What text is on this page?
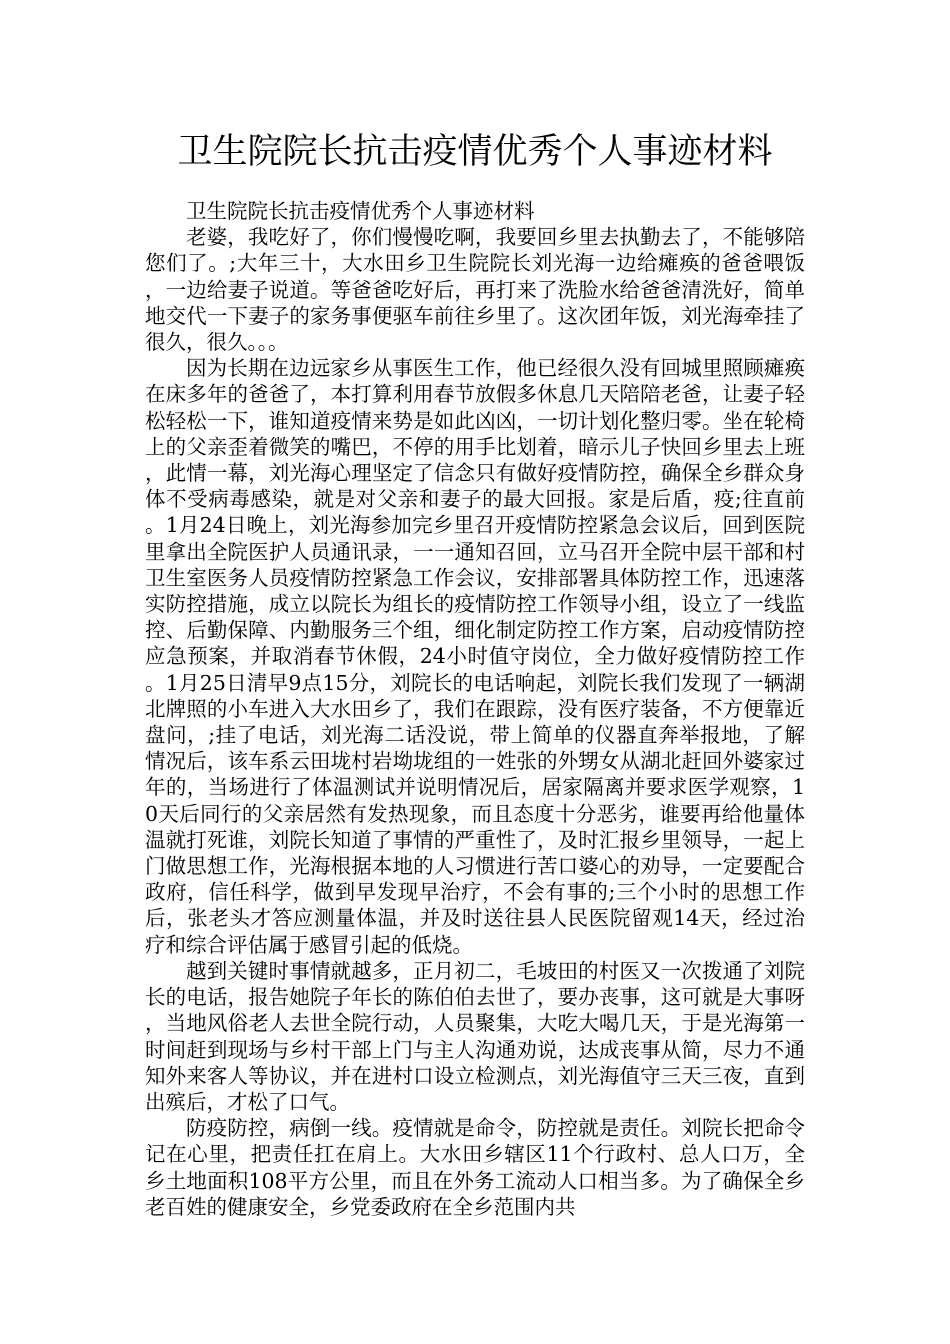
卫生院院长抗击疫情优秀个人事迹材料

卫生院院长抗击疫情优秀个人事迹材料

老婆，我吃好了，你们慢慢吃啊，我要回乡里去执勤去了，不能够陪您们了。;大年三十，大水田乡卫生院院长刘光海一边给瘫痪的爸爸喂饭，一边给妻子说道。等爸爸吃好后，再打来了洗脸水给爸爸清洗好，简单地交代一下妻子的家务事便驱车前往乡里了。这次团年饭，刘光海牵挂了很久，很久。。。

因为长期在边远家乡从事医生工作，他已经很久没有回城里照顾瘫痪在床多年的爸爸了，本打算利用春节放假多休息几天陪陪老爸，让妻子轻松轻松一下，谁知道疫情来势是如此凶凶，一切计划化整归零。坐在轮椅上的父亲歪着微笑的嘴巴，不停的用手比划着，暗示儿子快回乡里去上班，此情一幕，刘光海心理坚定了信念只有做好疫情防控，确保全乡群众身体不受病毒感染，就是对父亲和妻子的最大回报。家是后盾，疫;往直前。1月24日晚上，刘光海参加完乡里召开疫情防控紧急会议后，回到医院里拿出全院医护人员通讯录，一一通知召回，立马召开全院中层干部和村卫生室医务人员疫情防控紧急工作会议，安排部署具体防控工作，迅速落实防控措施，成立以院长为组长的疫情防控工作领导小组，设立了一线监控、后勤保障、内勤服务三个组，细化制定防控工作方案，启动疫情防控应急预案，并取消春节休假，24小时值守岗位，全力做好疫情防控工作。1月25日清早9点15分，刘院长的电话响起，刘院长我们发现了一辆湖北牌照的小车进入大水田乡了，我们在跟踪，没有医疗装备，不方便靠近盘问，;挂了电话，刘光海二话没说，带上简单的仪器直奔举报地，了解情况后，该车系云田垅村岩坳垅组的一姓张的外甥女从湖北赶回外婆家过年的，当场进行了体温测试并说明情况后，居家隔离并要求医学观察，10天后同行的父亲居然有发热现象，而且态度十分恶劣，谁要再给他量体温就打死谁，刘院长知道了事情的严重性了，及时汇报乡里领导，一起上门做思想工作，光海根据本地的人习惯进行苦口婆心的劝导，一定要配合政府，信任科学，做到早发现早治疗，不会有事的;三个小时的思想工作后，张老头才答应测量体温，并及时送往县人民医院留观14天，经过治疗和综合评估属于感冒引起的低烧。

越到关键时事情就越多，正月初二，毛坡田的村医又一次拨通了刘院长的电话，报告她院子年长的陈伯伯去世了，要办丧事，这可就是大事呀，当地风俗老人去世全院行动，人员聚集，大吃大喝几天，于是光海第一时间赶到现场与乡村干部上门与主人沟通劝说，达成丧事从简，尽力不通知外来客人等协议，并在进村口设立检测点，刘光海值守三天三夜，直到出殡后，才松了口气。

防疫防控，病倒一线。疫情就是命令，防控就是责任。刘院长把命令记在心里，把责任扛在肩上。大水田乡辖区11个行政村、总人口万，全乡土地面积108平方公里，而且在外务工流动人口相当多。为了确保全乡老百姓的健康安全，乡党委政府在全乡范围内共
